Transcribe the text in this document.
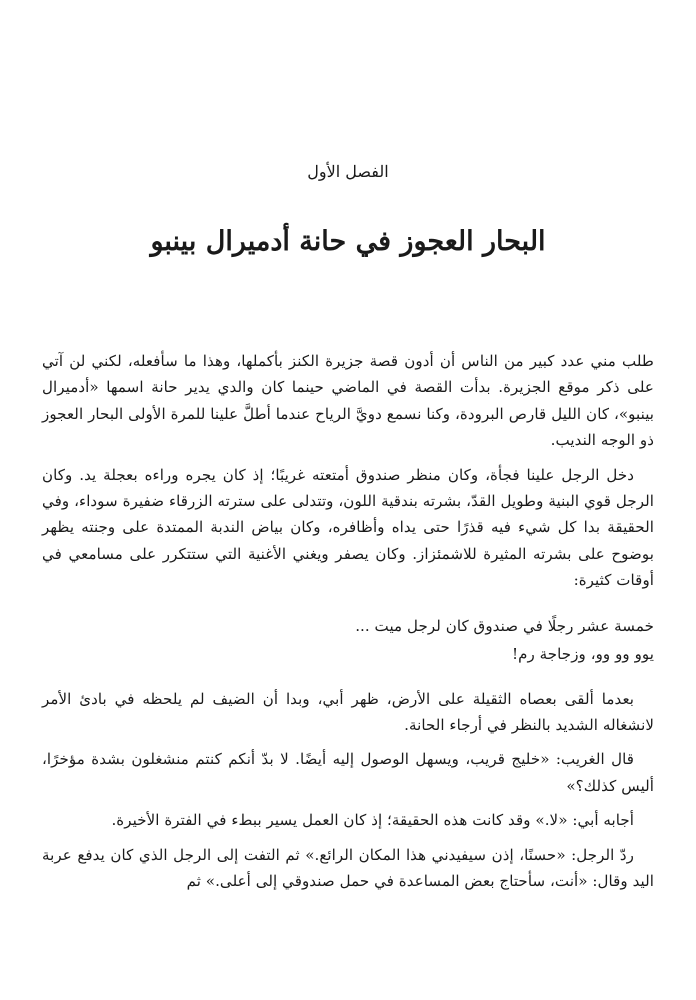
الفصل الأول

البحار العجوز في حانة أدميرال بينبو

طلب مني عدد كبير من الناس أن أدون قصة جزيرة الكنز بأكملها، وهذا ما سأفعله، لكني لن آتي على ذكر موقع الجزيرة. بدأت القصة في الماضي حينما كان والدي يدير حانة اسمها «أدميرال بينبو»، كان الليل قارص البرودة، وكنا نسمع دويَّ الرياح عندما أطلَّ علينا للمرة الأولى البحار العجوز ذو الوجه النديب.

دخل الرجل علينا فجأة، وكان منظر صندوق أمتعته غريبًا؛ إذ كان يجره وراءه بعجلة يد. وكان الرجل قوي البنية وطويل القدّ، بشرته بندقية اللون، وتتدلى على سترته الزرقاء ضفيرة سوداء، وفي الحقيقة بدا كل شيء فيه قذرًا حتى يداه وأظافره، وكان بياض الندبة الممتدة على وجنته يظهر بوضوح على بشرته المثيرة للاشمئزاز. وكان يصفر ويغني الأغنية التي ستتكرر على مسامعي في أوقات كثيرة:

خمسة عشر رجلًا في صندوق كان لرجل ميت ...

يوو وو وو، وزجاجة رم!

بعدما ألقى بعصاه الثقيلة على الأرض، ظهر أبي، وبدا أن الضيف لم يلحظه في بادئ الأمر لانشغاله الشديد بالنظر في أرجاء الحانة.

قال الغريب: «خليج قريب، ويسهل الوصول إليه أيضًا. لا بدّ أنكم كنتم منشغلون بشدة مؤخرًا، أليس كذلك؟»

أجابه أبي: «لا.» وقد كانت هذه الحقيقة؛ إذ كان العمل يسير ببطء في الفترة الأخيرة.

ردّ الرجل: «حسنًا، إذن سيفيدني هذا المكان الرائع.» ثم التفت إلى الرجل الذي كان يدفع عربة اليد وقال: «أنت، سأحتاج بعض المساعدة في حمل صندوقي إلى أعلى.» ثم
